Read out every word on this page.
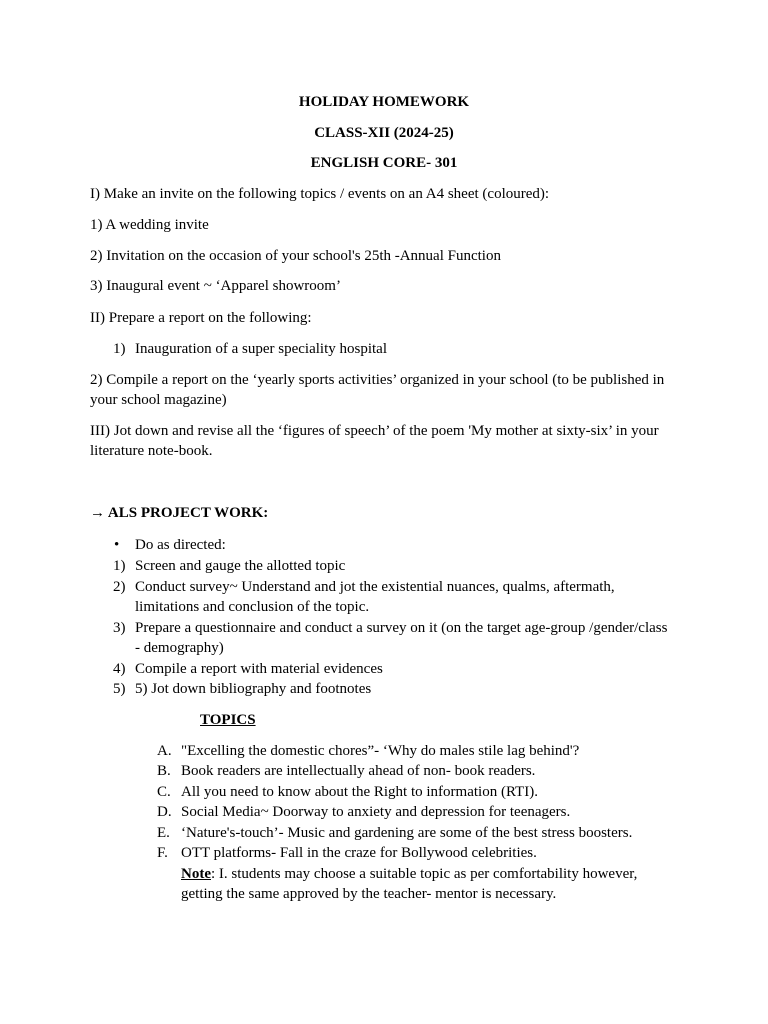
HOLIDAY HOMEWORK
CLASS-XII (2024-25)
ENGLISH CORE- 301
I) Make an invite on the following topics / events on an A4 sheet (coloured):
1) A wedding invite
2) Invitation on the occasion of your school's 25th -Annual Function
3) Inaugural event ~ ‘Apparel showroom’
II) Prepare a report on the following:
1) Inauguration of a super speciality hospital
2) Compile a report on the ‘yearly sports activities’ organized in your school (to be published in
your school magazine)
III) Jot down and revise all the ‘figures of speech’ of the poem 'My mother at sixty-six’ in your
literature note-book.
→ ALS PROJECT WORK:
• Do as directed:
1) Screen and gauge the allotted topic
2) Conduct survey~ Understand and jot the existential nuances, qualms, aftermath,
limitations and conclusion of the topic.
3) Prepare a questionnaire and conduct a survey on it (on the target age-group /gender/class
- demography)
4) Compile a report with material evidences
5) 5) Jot down bibliography and footnotes
TOPICS
A. "Excelling the domestic chores”- ‘Why do males stile lag behind'?
B. Book readers are intellectually ahead of non- book readers.
C. All you need to know about the Right to information (RTI).
D. Social Media~ Doorway to anxiety and depression for teenagers.
E. ‘Nature's-touch’- Music and gardening are some of the best stress boosters.
F. OTT platforms- Fall in the craze for Bollywood celebrities.
Note: I. students may choose a suitable topic as per comfortability however,
getting the same approved by the teacher- mentor is necessary.
